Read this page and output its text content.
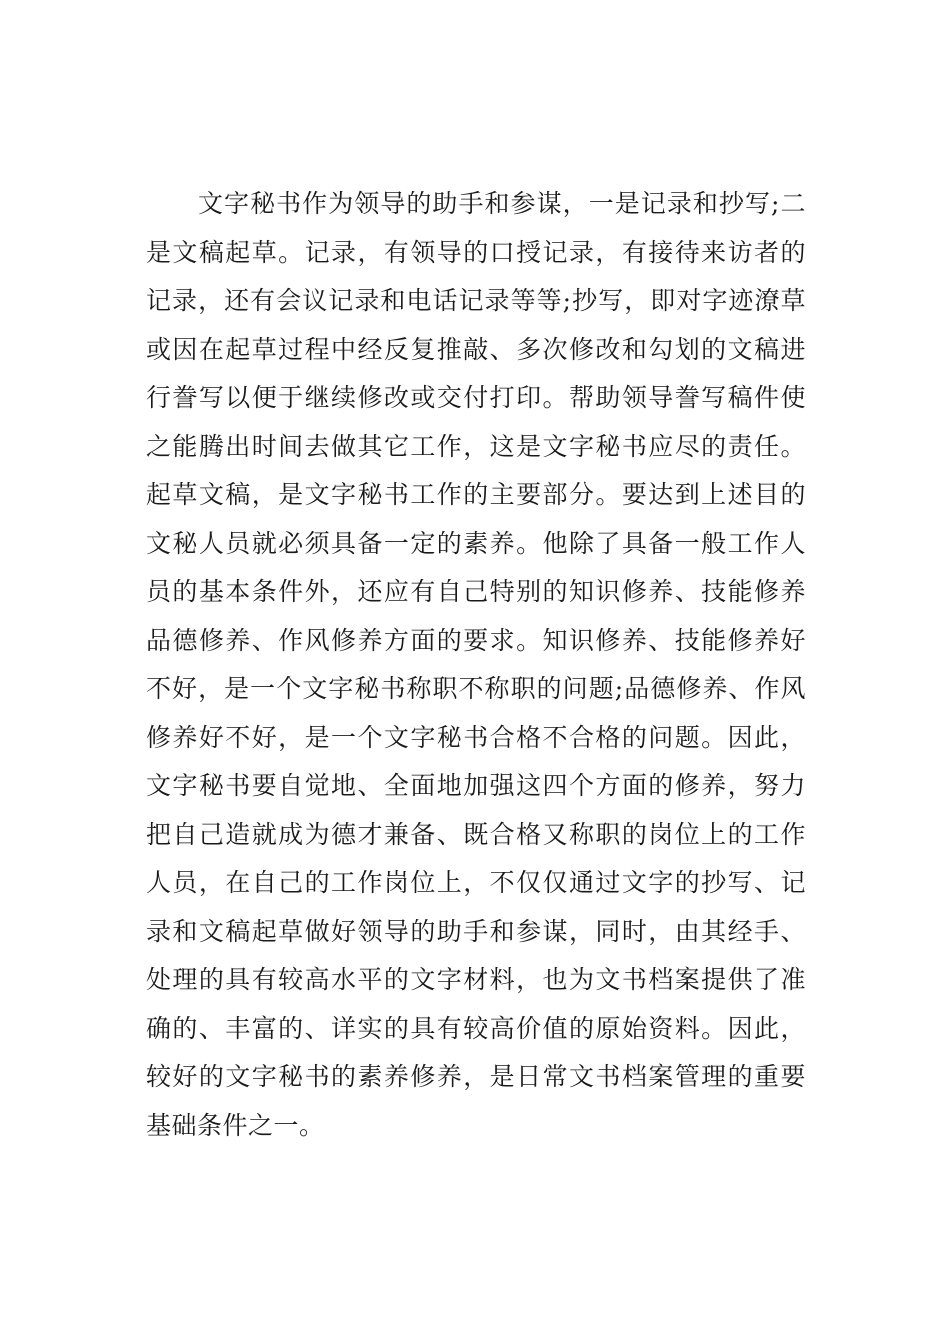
文字秘书作为领导的助手和参谋，一是记录和抄写;二
是文稿起草。记录，有领导的口授记录，有接待来访者的
记录，还有会议记录和电话记录等等;抄写，即对字迹潦草
或因在起草过程中经反复推敲、多次修改和勾划的文稿进
行誊写以便于继续修改或交付打印。帮助领导誊写稿件使
之能腾出时间去做其它工作，这是文字秘书应尽的责任。
起草文稿，是文字秘书工作的主要部分。要达到上述目的
文秘人员就必须具备一定的素养。他除了具备一般工作人
员的基本条件外，还应有自己特别的知识修养、技能修养
品德修养、作风修养方面的要求。知识修养、技能修养好
不好，是一个文字秘书称职不称职的问题;品德修养、作风
修养好不好，是一个文字秘书合格不合格的问题。因此，
文字秘书要自觉地、全面地加强这四个方面的修养，努力
把自己造就成为德才兼备、既合格又称职的岗位上的工作
人员，在自己的工作岗位上，不仅仅通过文字的抄写、记
录和文稿起草做好领导的助手和参谋，同时，由其经手、
处理的具有较高水平的文字材料，也为文书档案提供了准
确的、丰富的、详实的具有较高价值的原始资料。因此，
较好的文字秘书的素养修养，是日常文书档案管理的重要
基础条件之一。
